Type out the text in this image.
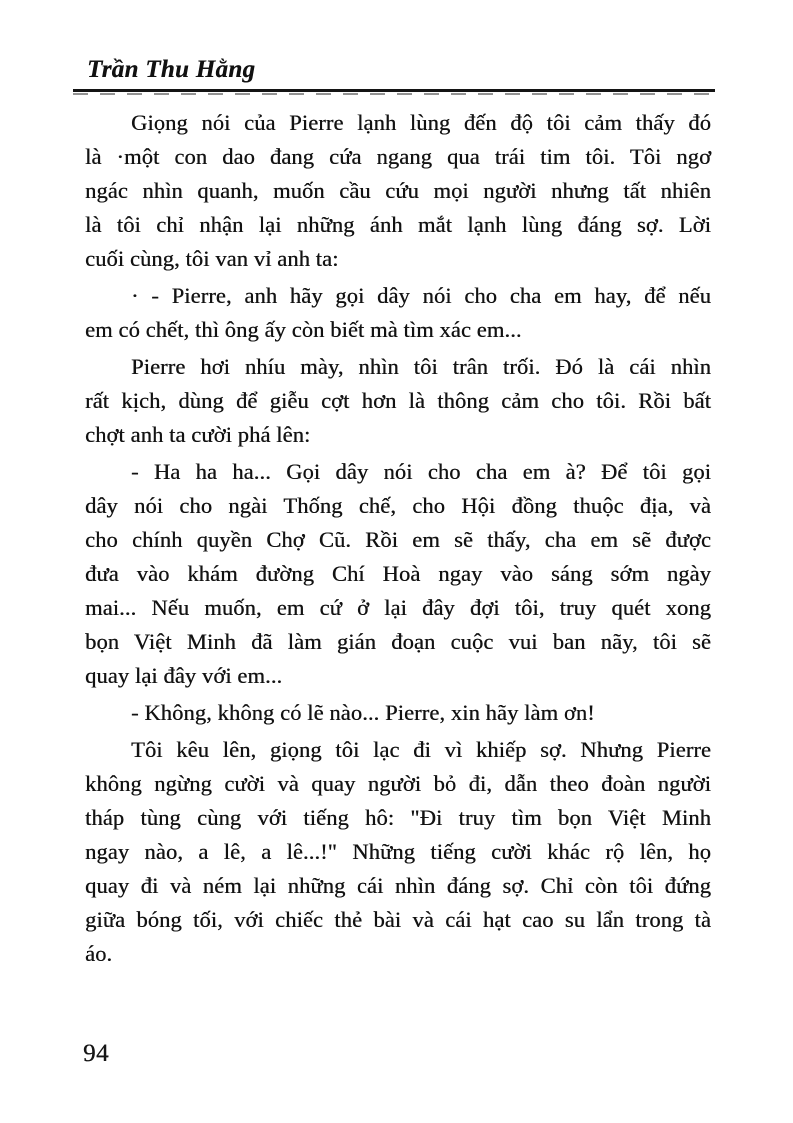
Trần Thu Hằng
Giọng nói của Pierre lạnh lùng đến độ tôi cảm thấy đó
là ·một con dao đang cứa ngang qua trái tim tôi. Tôi ngơ
ngác nhìn quanh, muốn cầu cứu mọi người nhưng tất nhiên
là tôi chỉ nhận lại những ánh mắt lạnh lùng đáng sợ. Lời
cuối cùng, tôi van vỉ anh ta:
· - Pierre, anh hãy gọi dây nói cho cha em hay, để nếu
em có chết, thì ông ấy còn biết mà tìm xác em...
Pierre hơi nhíu mày, nhìn tôi trân trối. Đó là cái nhìn
rất kịch, dùng để giễu cợt hơn là thông cảm cho tôi. Rồi bất
chợt anh ta cười phá lên:
- Ha ha ha... Gọi dây nói cho cha em à? Để tôi gọi
dây nói cho ngài Thống chế, cho Hội đồng thuộc địa, và
cho chính quyền Chợ Cũ. Rồi em sẽ thấy, cha em sẽ được
đưa vào khám đường Chí Hoà ngay vào sáng sớm ngày
mai... Nếu muốn, em cứ ở lại đây đợi tôi, truy quét xong
bọn Việt Minh đã làm gián đoạn cuộc vui ban nãy, tôi sẽ
quay lại đây với em...
- Không, không có lẽ nào... Pierre, xin hãy làm ơn!
Tôi kêu lên, giọng tôi lạc đi vì khiếp sợ. Nhưng Pierre
không ngừng cười và quay người bỏ đi, dẫn theo đoàn người
tháp tùng cùng với tiếng hô: "Đi truy tìm bọn Việt Minh
ngay nào, a lê, a lê...!" Những tiếng cười khác rộ lên, họ
quay đi và ném lại những cái nhìn đáng sợ. Chỉ còn tôi đứng
giữa bóng tối, với chiếc thẻ bài và cái hạt cao su lẩn trong tà
áo.
94
